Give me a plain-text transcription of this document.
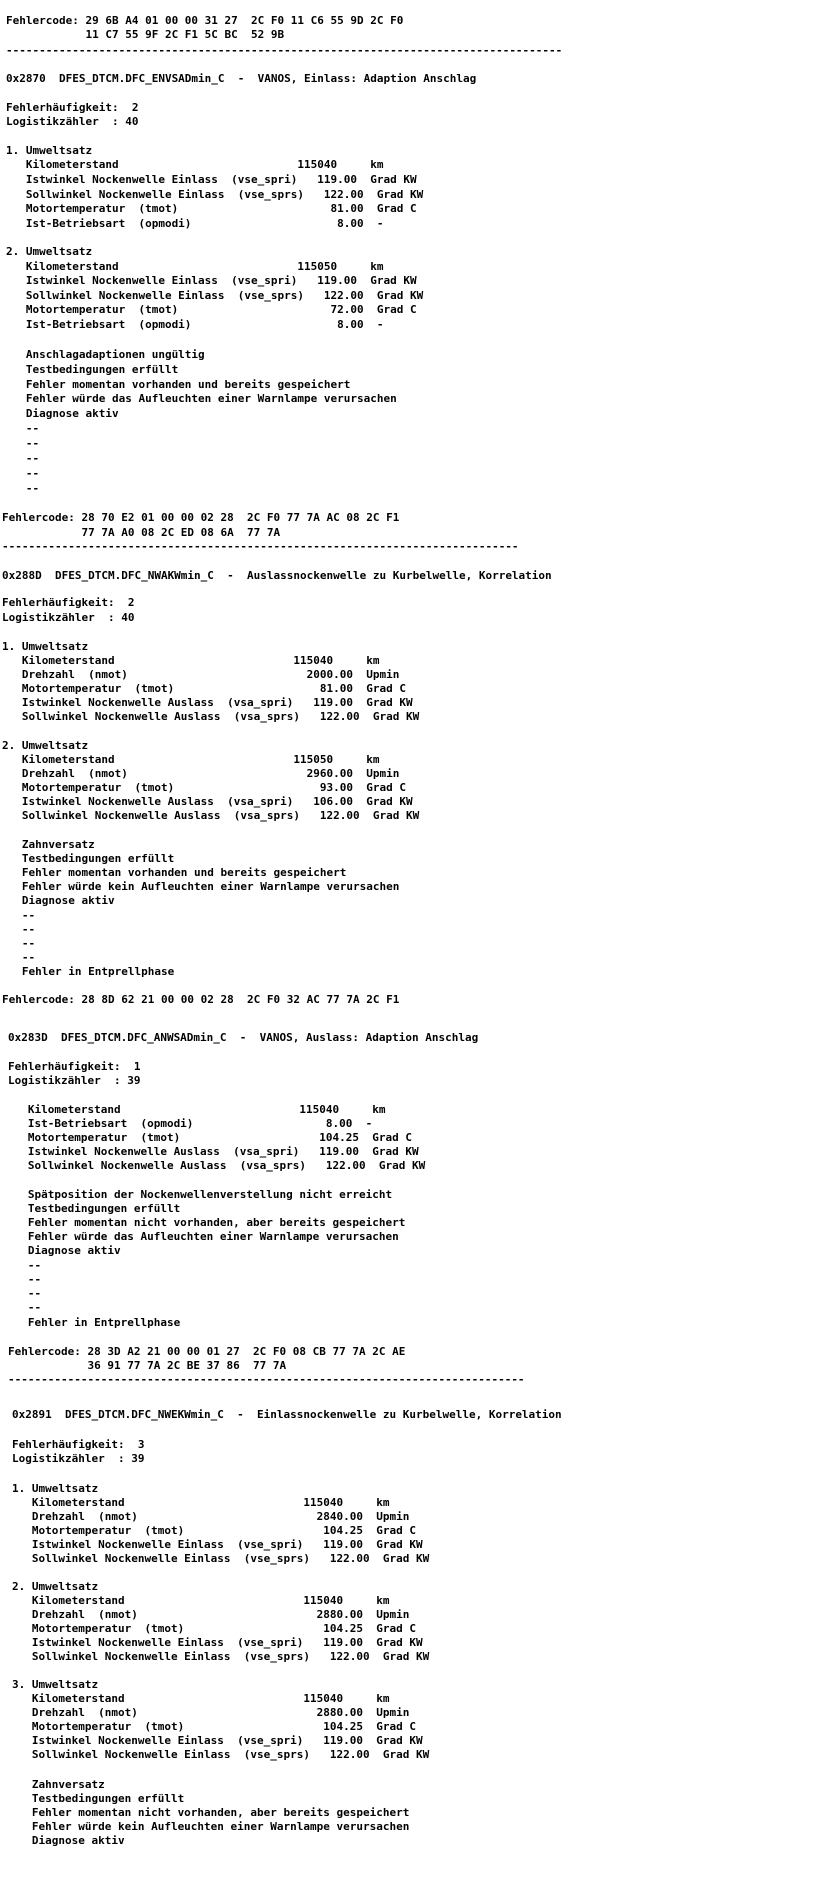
Fehlercode: 29 6B A4 01 00 00 31 27  2C F0 11 C6 55 9D 2C F0
11 C7 55 9F 2C F1 5C BC  52 9B
------------------------------------------------------------------------------------
0x2870  DFES_DTCM.DFC_ENVSADmin_C  -  VANOS, Einlass: Adaption Anschlag
Fehlerhäufigkeit:  2
Logistikzähler  : 40
1. Umweltsatz
Kilometerstand                           115040     km
Istwinkel Nockenwelle Einlass  (vse_spri)   119.00  Grad KW
Sollwinkel Nockenwelle Einlass  (vse_sprs)   122.00  Grad KW
Motortemperatur  (tmot)                       81.00  Grad C
Ist-Betriebsart  (opmodi)                      8.00  -
2. Umweltsatz
Kilometerstand                           115050     km
Istwinkel Nockenwelle Einlass  (vse_spri)   119.00  Grad KW
Sollwinkel Nockenwelle Einlass  (vse_sprs)   122.00  Grad KW
Motortemperatur  (tmot)                       72.00  Grad C
Ist-Betriebsart  (opmodi)                      8.00  -
Anschlagadaptionen ungültig
Testbedingungen erfüllt
Fehler momentan vorhanden und bereits gespeichert
Fehler würde das Aufleuchten einer Warnlampe verursachen
Diagnose aktiv
--
--
--
--
--
Fehlercode: 28 70 E2 01 00 00 02 28  2C F0 77 7A AC 08 2C F1
77 7A A0 08 2C ED 08 6A  77 7A
------------------------------------------------------------------------------
0x288D  DFES_DTCM.DFC_NWAKWmin_C  -  Auslassnockenwelle zu Kurbelwelle, Korrelation
Fehlerhäufigkeit:  2
Logistikzähler  : 40
1. Umweltsatz
Kilometerstand                           115040     km
Drehzahl  (nmot)                           2000.00  Upmin
Motortemperatur  (tmot)                      81.00  Grad C
Istwinkel Nockenwelle Auslass  (vsa_spri)   119.00  Grad KW
Sollwinkel Nockenwelle Auslass  (vsa_sprs)   122.00  Grad KW
2. Umweltsatz
Kilometerstand                           115050     km
Drehzahl  (nmot)                           2960.00  Upmin
Motortemperatur  (tmot)                      93.00  Grad C
Istwinkel Nockenwelle Auslass  (vsa_spri)   106.00  Grad KW
Sollwinkel Nockenwelle Auslass  (vsa_sprs)   122.00  Grad KW
Zahnversatz
Testbedingungen erfüllt
Fehler momentan vorhanden und bereits gespeichert
Fehler würde kein Aufleuchten einer Warnlampe verursachen
Diagnose aktiv
--
--
--
--
Fehler in Entprellphase
Fehlercode: 28 8D 62 21 00 00 02 28  2C F0 32 AC 77 7A 2C F1
0x283D  DFES_DTCM.DFC_ANWSADmin_C  -  VANOS, Auslass: Adaption Anschlag
Fehlerhäufigkeit:  1
Logistikzähler  : 39
Kilometerstand                           115040     km
Ist-Betriebsart  (opmodi)                    8.00  -
Motortemperatur  (tmot)                     104.25  Grad C
Istwinkel Nockenwelle Auslass  (vsa_spri)   119.00  Grad KW
Sollwinkel Nockenwelle Auslass  (vsa_sprs)   122.00  Grad KW
Spätposition der Nockenwellenverstellung nicht erreicht
Testbedingungen erfüllt
Fehler momentan nicht vorhanden, aber bereits gespeichert
Fehler würde das Aufleuchten einer Warnlampe verursachen
Diagnose aktiv
--
--
--
--
Fehler in Entprellphase
Fehlercode: 28 3D A2 21 00 00 01 27  2C F0 08 CB 77 7A 2C AE
36 91 77 7A 2C BE 37 86  77 7A
------------------------------------------------------------------------------
0x2891  DFES_DTCM.DFC_NWEKWmin_C  -  Einlassnockenwelle zu Kurbelwelle, Korrelation
Fehlerhäufigkeit:  3
Logistikzähler  : 39
1. Umweltsatz
Kilometerstand                           115040     km
Drehzahl  (nmot)                           2840.00  Upmin
Motortemperatur  (tmot)                     104.25  Grad C
Istwinkel Nockenwelle Einlass  (vse_spri)   119.00  Grad KW
Sollwinkel Nockenwelle Einlass  (vse_sprs)   122.00  Grad KW
2. Umweltsatz
Kilometerstand                           115040     km
Drehzahl  (nmot)                           2880.00  Upmin
Motortemperatur  (tmot)                     104.25  Grad C
Istwinkel Nockenwelle Einlass  (vse_spri)   119.00  Grad KW
Sollwinkel Nockenwelle Einlass  (vse_sprs)   122.00  Grad KW
3. Umweltsatz
Kilometerstand                           115040     km
Drehzahl  (nmot)                           2880.00  Upmin
Motortemperatur  (tmot)                     104.25  Grad C
Istwinkel Nockenwelle Einlass  (vse_spri)   119.00  Grad KW
Sollwinkel Nockenwelle Einlass  (vse_sprs)   122.00  Grad KW
Zahnversatz
Testbedingungen erfüllt
Fehler momentan nicht vorhanden, aber bereits gespeichert
Fehler würde kein Aufleuchten einer Warnlampe verursachen
Diagnose aktiv
